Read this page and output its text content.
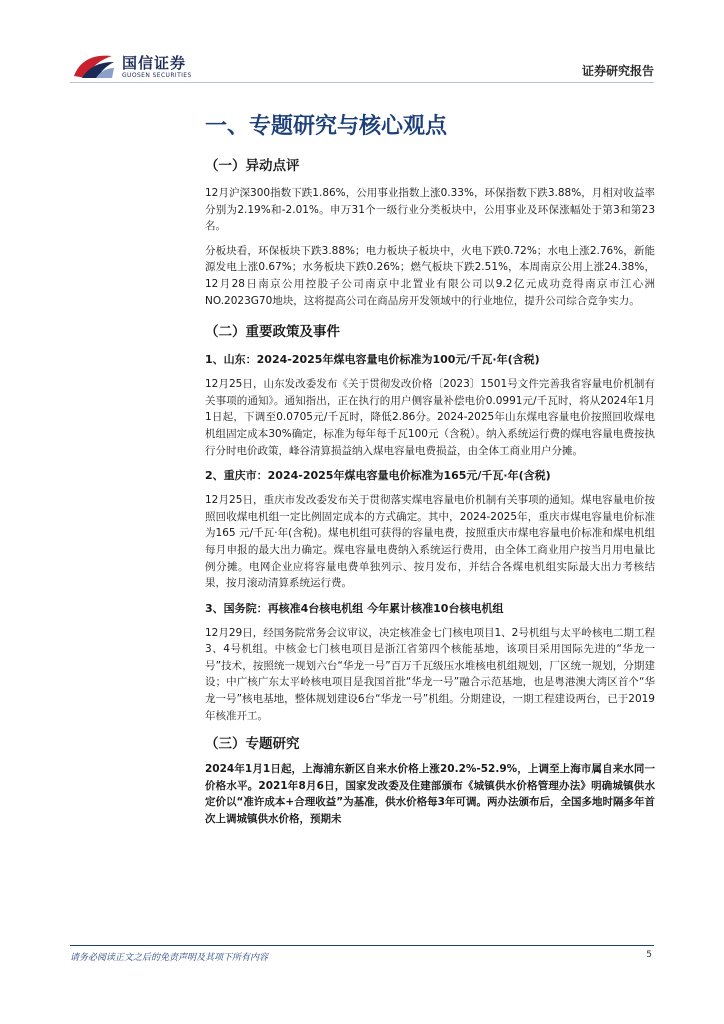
国信证券
GUOSEN SECURITIES	证券研究报告
一、专题研究与核心观点
（一）异动点评

12月沪深300指数下跌1.86%，公用事业指数上涨0.33%，环保指数下跌3.88%，月相对收益率分别为2.19%和-2.01%。申万31个一级行业分类板块中，公用事业及环保涨幅处于第3和第23名。

分板块看，环保板块下跌3.88%；电力板块子板块中，火电下跌0.72%；水电上涨2.76%，新能源发电上涨0.67%；水务板块下跌0.26%；燃气板块下跌2.51%，本周南京公用上涨24.38%，12月28日南京公用控股子公司南京中北置业有限公司以9.2亿元成功竞得南京市江心洲NO.2023G70地块，这将提高公司在商品房开发领域中的行业地位，提升公司综合竞争实力。

（二）重要政策及事件
1、山东：2024-2025年煤电容量电价标准为100元/千瓦·年(含税)

12月25日，山东发改委发布《关于贯彻发改价格〔2023〕1501号文件完善我省容量电价机制有关事项的通知》。通知指出，正在执行的用户侧容量补偿电价0.0991元/千瓦时，将从2024年1月1日起，下调至0.0705元/千瓦时，降低2.86分。2024-2025年山东煤电容量电价按照回收煤电机组固定成本30%确定，标准为每年每千瓦100元（含税）。纳入系统运行费的煤电容量电费按执行分时电价政策，峰谷清算损益纳入煤电容量电费损益，由全体工商业用户分摊。

2、重庆市：2024-2025年煤电容量电价标准为165元/千瓦·年(含税)

12月25日，重庆市发改委发布关于贯彻落实煤电容量电价机制有关事项的通知。煤电容量电价按照回收煤电机组一定比例固定成本的方式确定。其中，2024-2025年，重庆市煤电容量电价标准为165 元/千瓦·年(含税)。煤电机组可获得的容量电费，按照重庆市煤电容量电价标准和煤电机组每月申报的最大出力确定。煤电容量电费纳入系统运行费用，由全体工商业用户按当月用电量比例分摊。电网企业应将容量电费单独列示、按月发布，并结合各煤电机组实际最大出力考核结果，按月滚动清算系统运行费。

3、国务院：再核准4台核电机组 今年累计核准10台核电机组

12月29日，经国务院常务会议审议，决定核准金七门核电项目1、2号机组与太平岭核电二期工程3、4号机组。中核金七门核电项目是浙江省第四个核能基地，该项目采用国际先进的“华龙一号”技术，按照统一规划六台“华龙一号”百万千瓦级压水堆核电机组规划，厂区统一规划，分期建设；中广核广东太平岭核电项目是我国首批“华龙一号”融合示范基地，也是粤港澳大湾区首个“华龙一号”核电基地，整体规划建设6台“华龙一号”机组。分期建设，一期工程建设两台，已于2019年核准开工。

（三）专题研究

2024年1月1日起，上海浦东新区自来水价格上涨20.2%-52.9%，上调至上海市属自来水同一价格水平。2021年8月6日，国家发改委及住建部颁布《城镇供水价格管理办法》明确城镇供水定价以“准许成本+合理收益”为基准，供水价格每3年可调。两办法颁布后，全国多地时隔多年首次上调城镇供水价格，预期未

请务必阅读正文之后的免责声明及其项下所有内容	5
